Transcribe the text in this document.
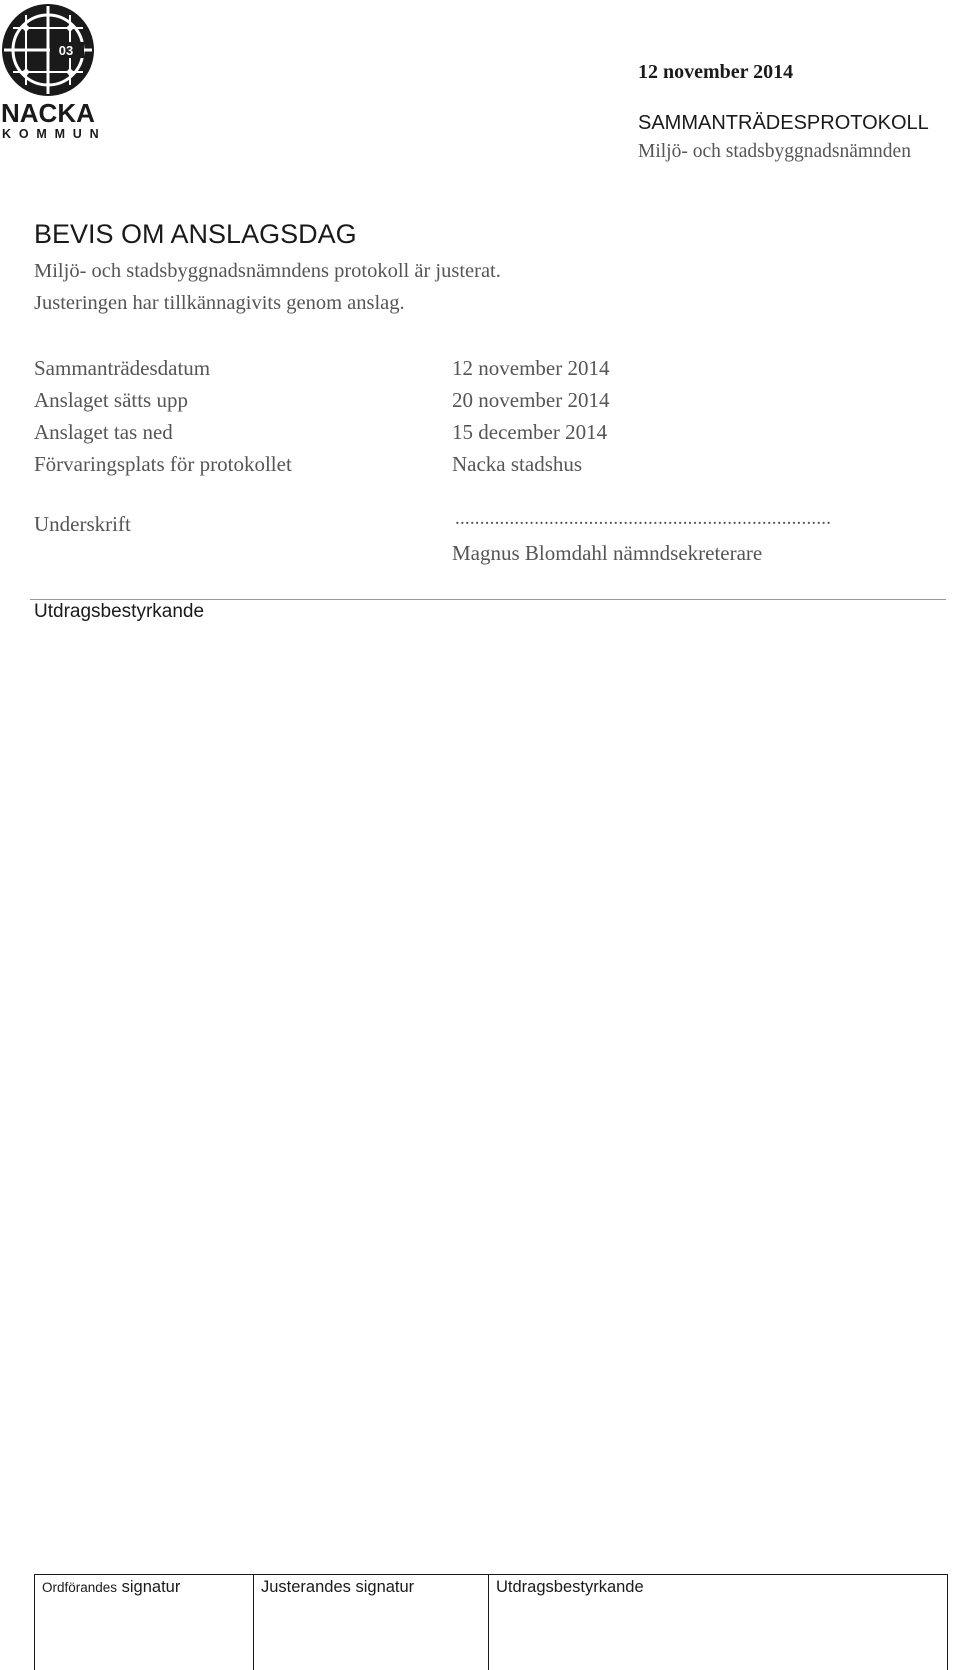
03
NACKA
KOMMUN
12 november 2014
SAMMANTRÄDESPROTOKOLL
Miljö- och stadsbyggnadsnämnden
BEVIS OM ANSLAGSDAG
Miljö- och stadsbyggnadsnämndens protokoll är justerat.
Justeringen har tillkännagivits genom anslag.
Sammanträdesdatum	12 november 2014
Anslaget sätts upp	20 november 2014
Anslaget tas ned	15 december 2014
Förvaringsplats för protokollet	Nacka stadshus
Underskrift	............................................................................
Magnus Blomdahl nämndsekreterare
Utdragsbestyrkande
Ordförandes signatur	Justerandes signatur	Utdragsbestyrkande
